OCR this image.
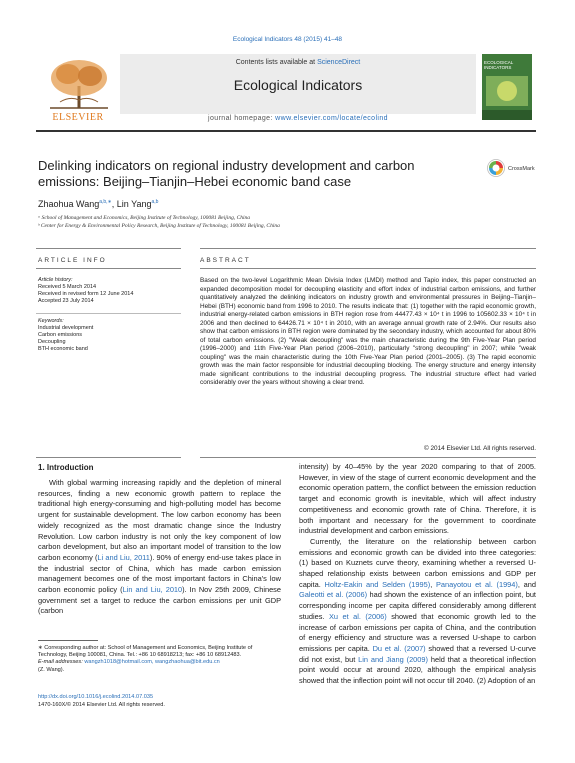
Ecological Indicators 48 (2015) 41–48
ELSEVIER
Contents lists available at ScienceDirect
Ecological Indicators
ECOLOGICAL INDICATORS
journal homepage: www.elsevier.com/locate/ecolind
Delinking indicators on regional industry development and carbon emissions: Beijing–Tianjin–Hebei economic band case
CrossMark
Zhaohua Wang$^{a,b,∗}$, Lin Yang$^{a,b}$
ᵃ School of Management and Economics, Beijing Institute of Technology, 100081 Beijing, China
ᵇ Center for Energy & Environmental Policy Research, Beijing Institute of Technology, 100081 Beijing, China
ARTICLE INFO	ABSTRACT
Article history:
Received 5 March 2014
Received in revised form 12 June 2014
Accepted 23 July 2014
Keywords:
Industrial development
Carbon emissions
Decoupling
BTH economic band
Based on the two-level Logarithmic Mean Divisia Index (LMDI) method and Tapio index, this paper constructed an expanded decomposition model for decoupling elasticity and effort index of industrial carbon emissions, and further quantitatively analyzed the delinking indicators on industry growth and environmental pressures in Beijing–Tianjin–Hebei (BTH) economic band from 1996 to 2010. The results indicate that: (1) together with the rapid economic growth, industrial energy-related carbon emissions in BTH region rose from 44477.43 × 10⁴ t in 1996 to 105602.33 × 10⁴ t in 2006 and then declined to 64426.71 × 10⁴ t in 2010, with an average annual growth rate of 2.94%. Our results also show that carbon emissions in BTH region were dominated by the secondary industry, which accounted for about 80% of total carbon emissions. (2) "Weak decoupling" was the main characteristic during the 9th Five-Year Plan period (1996–2000) and 11th Five-Year Plan period (2006–2010), particularly "strong decoupling" in 2007; while "weak coupling" was the main characteristic during the 10th Five-Year Plan period (2001–2005). (3) The rapid economic growth was the main factor responsible for industrial decoupling blocking. The energy structure and energy intensity made significant contributions to the industrial decoupling progress. The industrial structure effect had varied considerably over the years without showing a clear trend.
© 2014 Elsevier Ltd. All rights reserved.
1. Introduction

With global warming increasing rapidly and the depletion of mineral resources, finding a new economic growth pattern to replace the traditional high energy-consuming and high-polluting model has become urgent for sustainable development. The low carbon economy has been widely recognized as the most dramatic change since the Industry Revolution. Low carbon industry is not only the key component of low carbon development, but also an important model of transition to the low carbon economy (Li and Liu, 2011). 90% of energy end-use takes place in the industrial sector of China, which has made carbon emission management becomes one of the most important factors in China's low carbon economic policy (Lin and Liu, 2010). In Nov 25th 2009, Chinese government set a target to reduce the carbon emissions per unit GDP (carbon

intensity) by 40–45% by the year 2020 comparing to that of 2005. However, in view of the stage of current economic development and the economic operation pattern, the conflict between the emission reduction target and economic growth is inevitable, which will affect industry competitiveness and economic growth rate of China. Therefore, it is both important and necessary for the government to coordinate industrial development and carbon emissions.

Currently, the literature on the relationship between carbon emissions and economic growth can be divided into three categories: (1) based on Kuznets curve theory, examining whether a reversed U-shaped relationship exists between carbon emissions and GDP per capita. Holtz-Eakin and Selden (1995), Panayotou et al. (1994), and Galeotti et al. (2006) had shown the existence of an inflection point, but corresponding income per capita differed considerably among different studies. Xu et al. (2006) showed that economic growth led to the increase of carbon emissions per capita of China, and the contribution of energy efficiency and structure was a reversed U-shape to carbon emissions per capita. Du et al. (2007) showed that a reversed U-curve did not exist, but Lin and Jiang (2009) held that a theoretical inflection point would occur at around 2020, although the empirical analysis showed that the inflection point will not occur till 2040. (2) Adoption of an

∗ Corresponding author at: School of Management and Economics, Beijing Institute of Technology, Beijing 100081, China. Tel.: +86 10 68918213; fax: +86 10 68912483.

E-mail addresses: wangzh1018@hotmail.com, wangzhaohua@bit.edu.cn
(Z. Wang).

http://dx.doi.org/10.1016/j.ecolind.2014.07.035
1470-160X/© 2014 Elsevier Ltd. All rights reserved.
